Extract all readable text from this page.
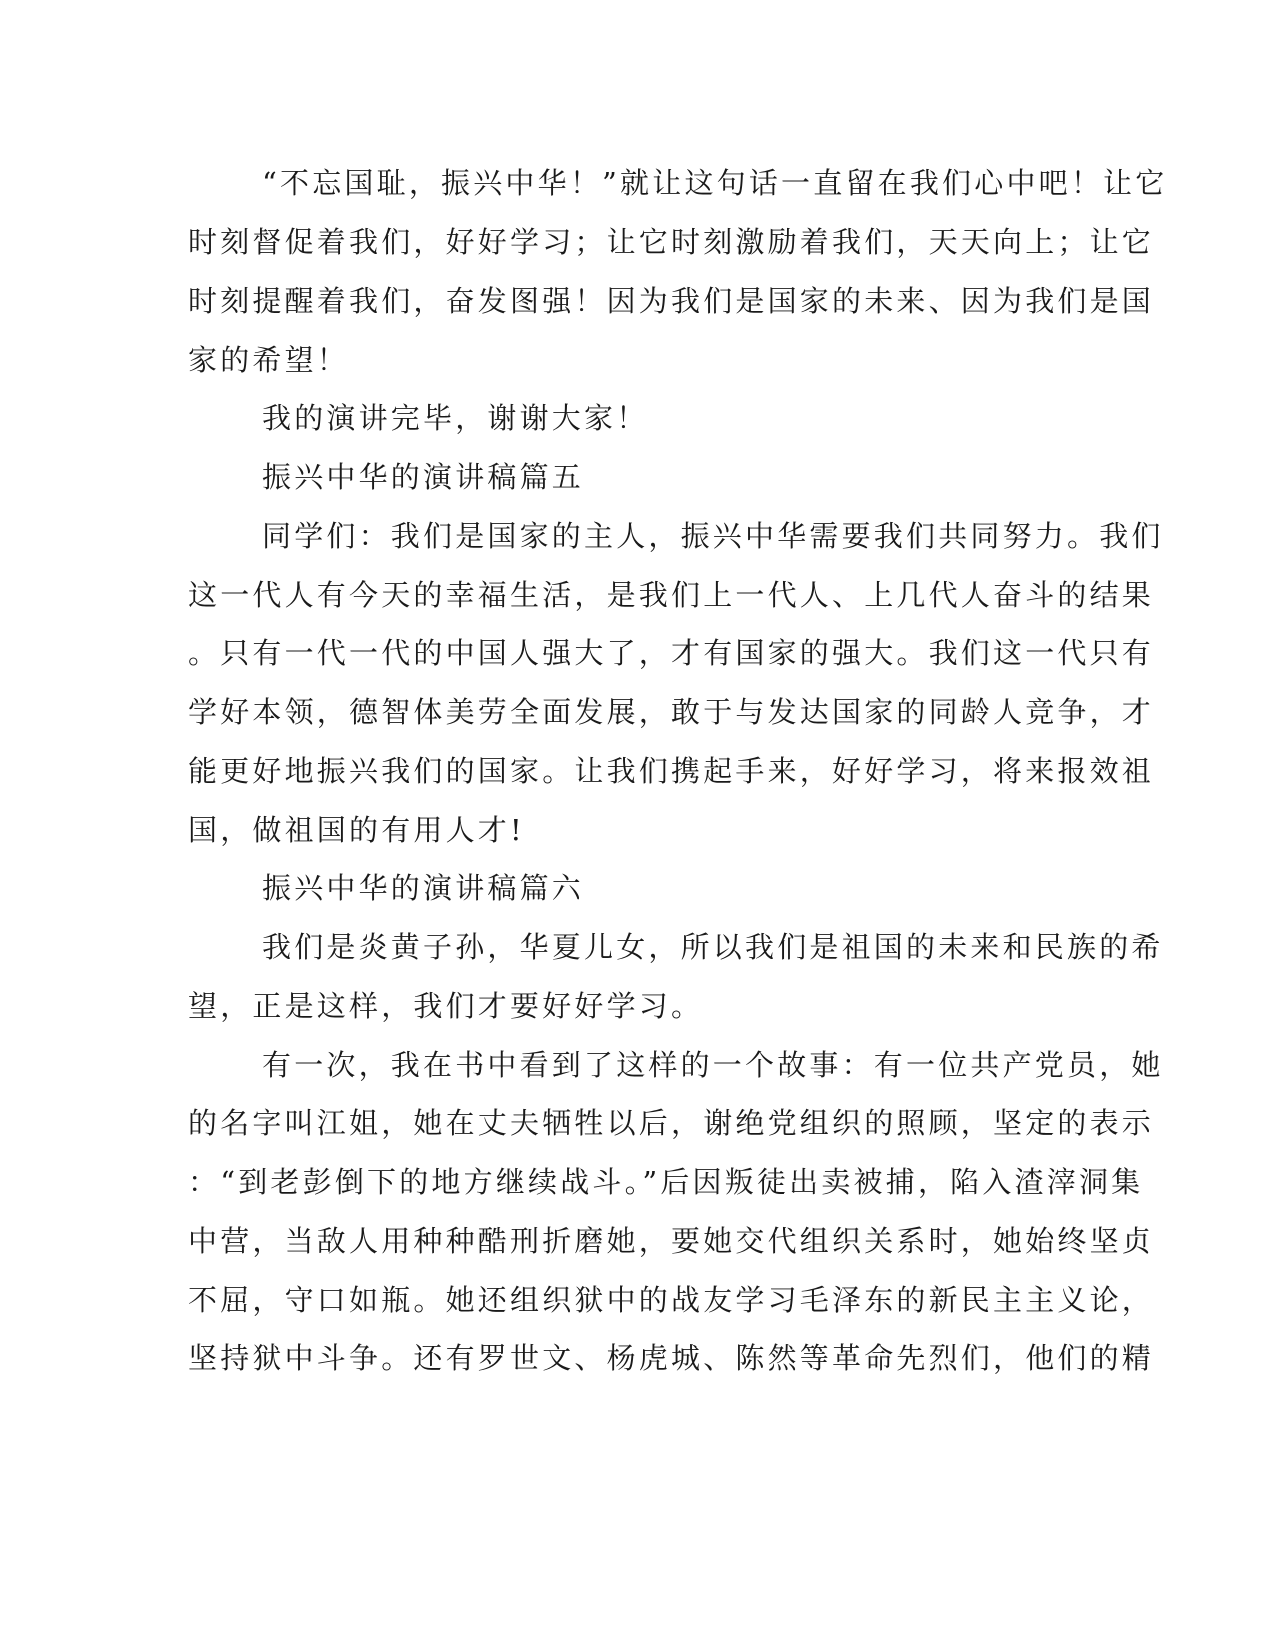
“不忘国耻，振兴中华！”就让这句话一直留在我们心中吧！让它
时刻督促着我们，好好学习；让它时刻激励着我们，天天向上；让它
时刻提醒着我们，奋发图强！因为我们是国家的未来、因为我们是国
家的希望！
我的演讲完毕，谢谢大家！
振兴中华的演讲稿篇五
同学们：我们是国家的主人，振兴中华需要我们共同努力。我们
这一代人有今天的幸福生活，是我们上一代人、上几代人奋斗的结果
。只有一代一代的中国人强大了，才有国家的强大。我们这一代只有
学好本领，德智体美劳全面发展，敢于与发达国家的同龄人竞争，才
能更好地振兴我们的国家。让我们携起手来，好好学习，将来报效祖
国，做祖国的有用人才!
振兴中华的演讲稿篇六
我们是炎黄子孙，华夏儿女，所以我们是祖国的未来和民族的希
望，正是这样，我们才要好好学习。
有一次，我在书中看到了这样的一个故事：有一位共产党员，她
的名字叫江姐，她在丈夫牺牲以后，谢绝党组织的照顾，坚定的表示
：“到老彭倒下的地方继续战斗。”后因叛徒出卖被捕，陷入渣滓洞集
中营，当敌人用种种酷刑折磨她，要她交代组织关系时，她始终坚贞
不屈，守口如瓶。她还组织狱中的战友学习毛泽东的新民主主义论，
坚持狱中斗争。还有罗世文、杨虎城、陈然等革命先烈们，他们的精
